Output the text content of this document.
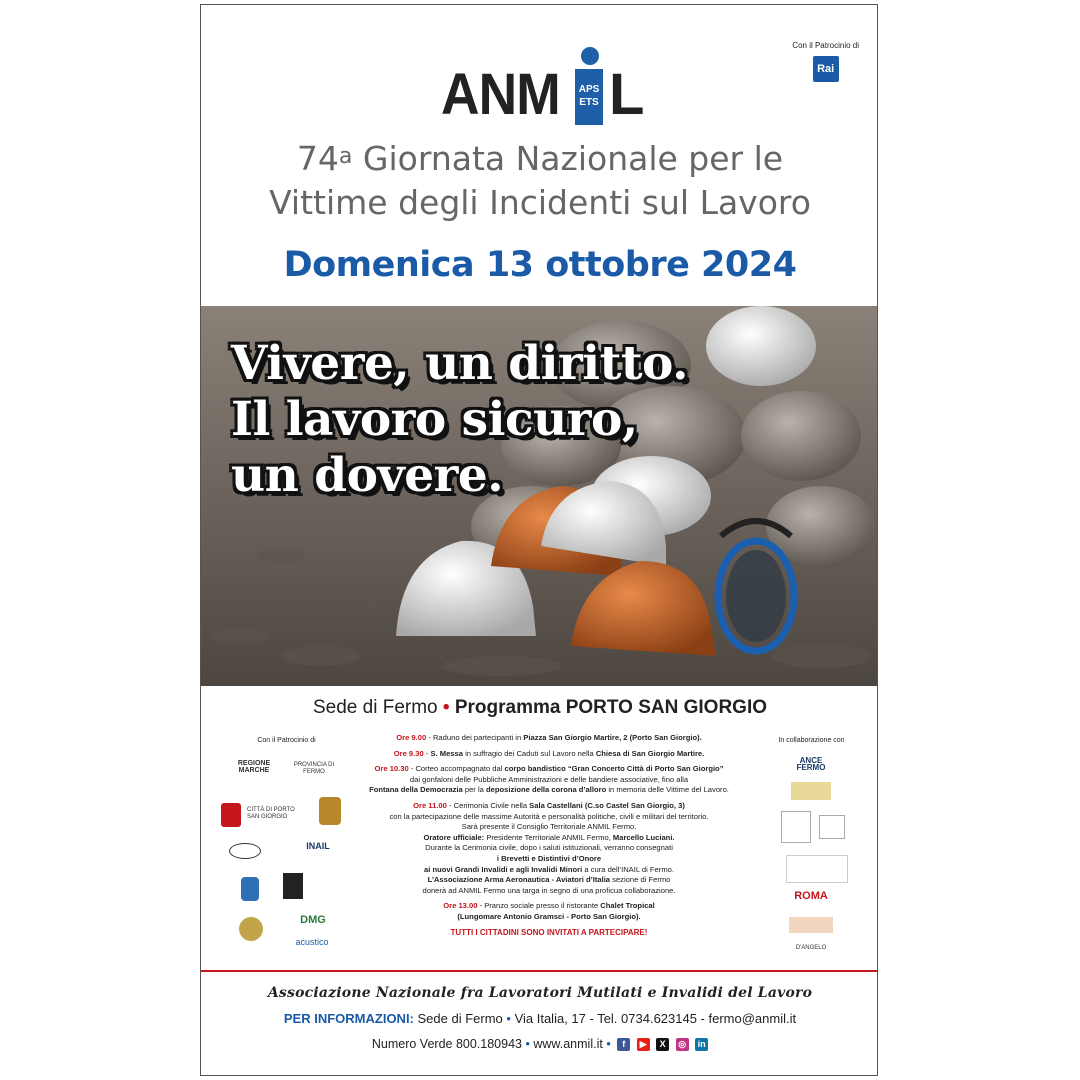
Con il Patrocinio di
Rai
ANM	APS
ETS L
74$^a$ Giornata Nazionale per le
Vittime degli Incidenti sul Lavoro
Domenica 13 ottobre 2024
Vivere, un diritto.
Il lavoro sicuro,
un dovere.
Sede di Fermo • Programma PORTO SAN GIORGIO
Con il Patrocinio di
REGIONE MARCHE
PROVINCIA DI FERMO
CITTÀ DI PORTO SAN GIORGIO
INAIL
DMG
acustico
In collaborazione con
ANCE FERMO
ROMA
D'ANGELO

Ore 9.00 - Raduno dei partecipanti in Piazza San Giorgio Martire, 2 (Porto San Giorgio).

Ore 9.30 - S. Messa in suffragio dei Caduti sul Lavoro nella Chiesa di San Giorgio Martire.

Ore 10.30 - Corteo accompagnato dal corpo bandistico “Gran Concerto Città di Porto San Giorgio”
dai gonfaloni delle Pubbliche Amministrazioni e delle bandiere associative, fino alla
Fontana della Democrazia per la deposizione della corona d’alloro in memoria delle Vittime del Lavoro.

Ore 11.00 - Cerimonia Civile nella Sala Castellani (C.so Castel San Giorgio, 3)
con la partecipazione delle massime Autorità e personalità politiche, civili e militari del territorio.
Sarà presente il Consiglio Territoriale ANMIL Fermo.
Oratore ufficiale: Presidente Territoriale ANMIL Fermo, Marcello Luciani.
Durante la Cerimonia civile, dopo i saluti istituzionali, verranno consegnati
i Brevetti e Distintivi d’Onore
ai nuovi Grandi Invalidi e agli Invalidi Minori a cura dell’INAIL di Fermo.
L’Associazione Arma Aeronautica - Aviatori d’Italia sezione di Fermo
donerà ad ANMIL Fermo una targa in segno di una proficua collaborazione.

Ore 13.00 - Pranzo sociale presso il ristorante Chalet Tropical
(Lungomare Antonio Gramsci - Porto San Giorgio).

TUTTI I CITTADINI SONO INVITATI A PARTECIPARE!
Associazione Nazionale fra Lavoratori Mutilati e Invalidi del Lavoro
PER INFORMAZIONI: Sede di Fermo • Via Italia, 17 - Tel. 0734.623145 - fermo@anmil.it
Numero Verde 800.180943 • www.anmil.it • f ▶ X ◎ in
